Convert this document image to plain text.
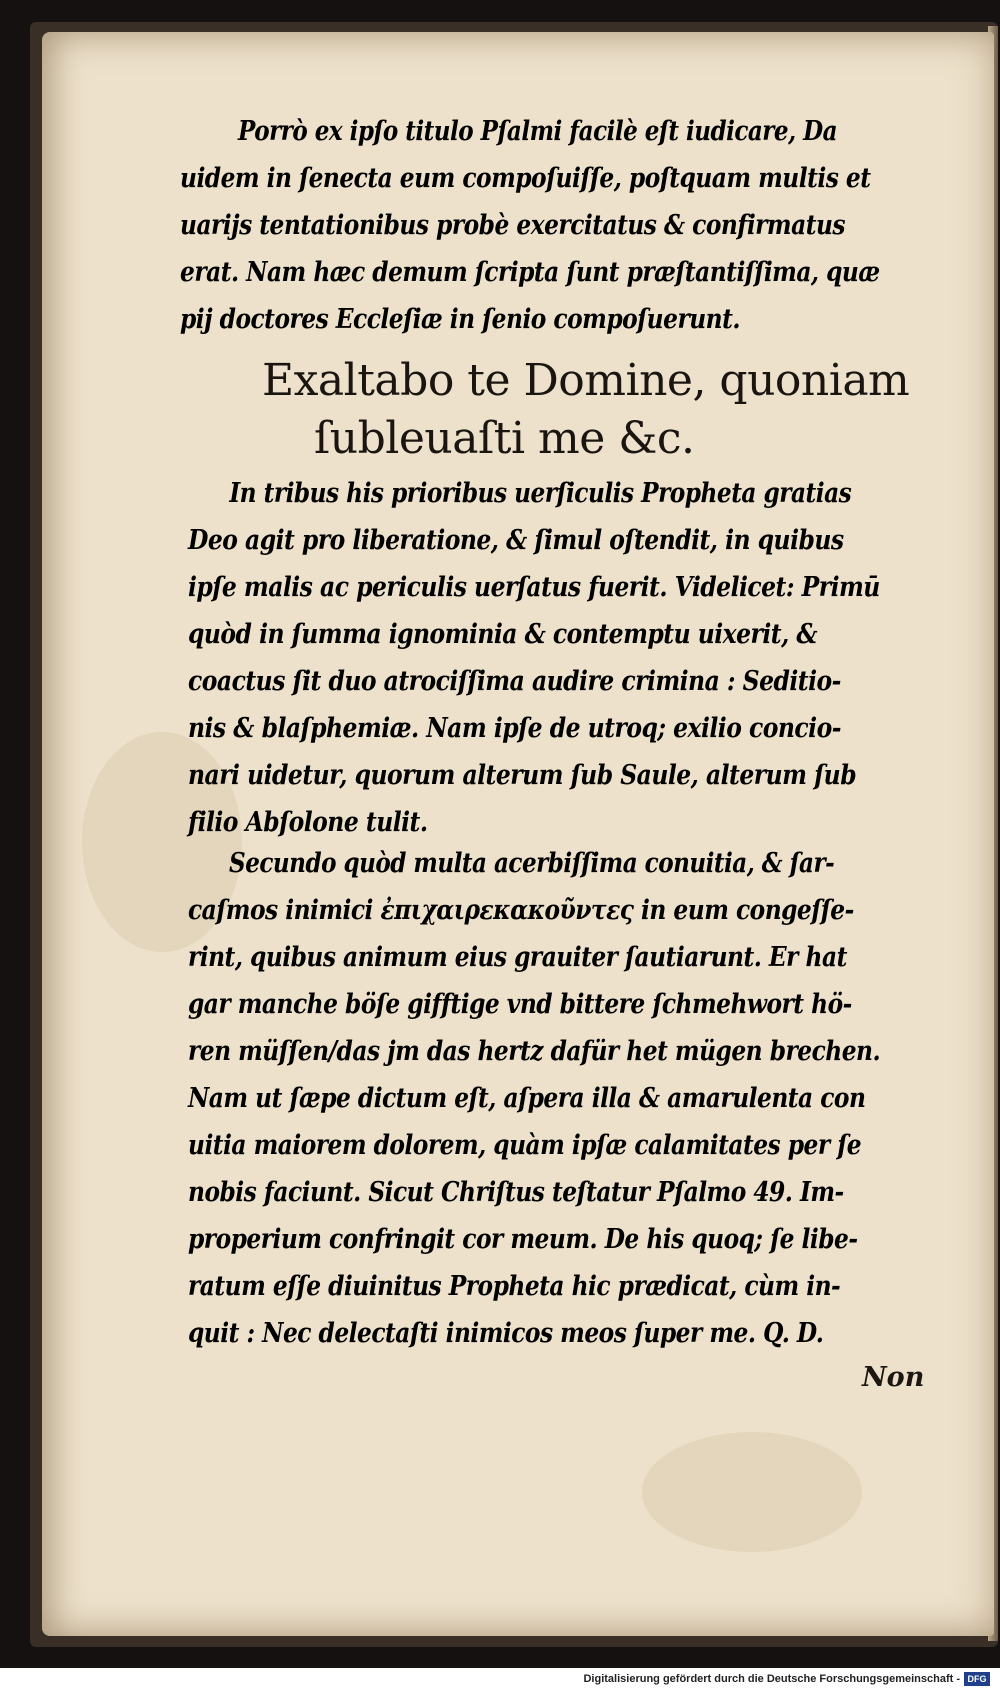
Porrò ex ipſo titulo Pſalmi facilè eſt iudicare, Da
uidem in ſenecta eum compoſuiſſe, poſtquam multis et
uarijs tentationibus probè exercitatus & confirmatus
erat. Nam hæc demum ſcripta ſunt præſtantiſſima, quæ
pij doctores Eccleſiæ in ſenio compoſuerunt.
Exaltabo te Domine, quoniam
ſubleuaſti me &c.
In tribus his prioribus uerſiculis Propheta gratias
Deo agit pro liberatione, & ſimul oſtendit, in quibus
ipſe malis ac periculis uerſatus fuerit. Videlicet: Primū
quòd in ſumma ignominia & contemptu uixerit, &
coactus ſit duo atrociſſima audire crimina : Seditio-
nis & blaſphemiæ. Nam ipſe de utroq; exilio concio-
nari uidetur, quorum alterum ſub Saule, alterum ſub
filio Abſolone tulit.
Secundo quòd multa acerbiſſima conuitia, & ſar-
caſmos inimici ἐπιχαιρεκακοῦντες in eum congeſſe-
rint, quibus animum eius grauiter ſautiarunt. Er hat
gar manche böſe gifftige vnd bittere ſchmehwort hö-
ren müſſen/das jm das hertz dafür het mügen brechen.
Nam ut ſæpe dictum eſt, aſpera illa & amarulenta con
uitia maiorem dolorem, quàm ipſæ calamitates per ſe
nobis faciunt. Sicut Chriſtus teſtatur Pſalmo 49. Im-
properium confringit cor meum. De his quoq; ſe libe-
ratum eſſe diuinitus Propheta hic prædicat, cùm in-
quit : Nec delectaſti inimicos meos ſuper me. Q. D.
Non
Digitalisierung gefördert durch die Deutsche Forschungsgemeinschaft - DFG
